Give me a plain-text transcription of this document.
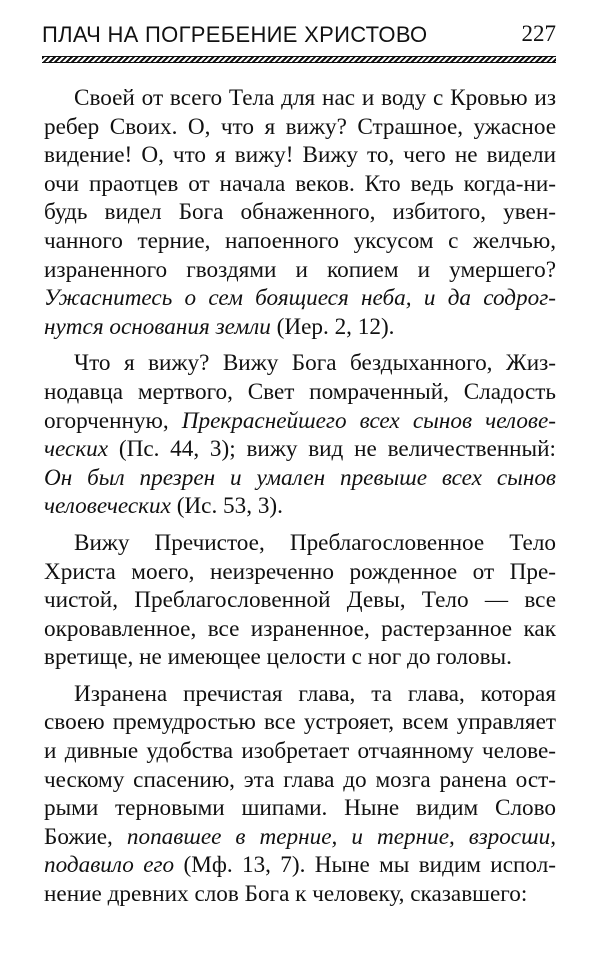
ПЛАЧ НА ПОГРЕБЕНИЕ ХРИСТОВО	227
Своей от всего Тела для нас и воду с Кровью из
ребер Своих. О, что я вижу? Страшное, ужасное
видение! О, что я вижу! Вижу то, чего не видели
очи праотцев от начала веков. Кто ведь когда-ни-
будь видел Бога обнаженного, избитого, увен-
чанного терние, напоенного уксусом с желчью,
израненного гвоздями и копием и умершего?
Ужаснитесь о сем боящиеся неба, и да содрог-
нутся основания земли (Иер. 2, 12).
Что я вижу? Вижу Бога бездыханного, Жиз-
нодавца мертвого, Свет помраченный, Сладость
огорченную, Прекраснейшего всех сынов челове-
ческих (Пс. 44, 3); вижу вид не величественный:
Он был презрен и умален превыше всех сынов
человеческих (Ис. 53, 3).
Вижу Пречистое, Преблагословенное Тело
Христа моего, неизреченно рожденное от Пре-
чистой, Преблагословенной Девы, Тело — все
окровавленное, все израненное, растерзанное как
вретище, не имеющее целости с ног до головы.
Изранена пречистая глава, та глава, которая
своею премудростью все устрояет, всем управляет
и дивные удобства изобретает отчаянному челове-
ческому спасению, эта глава до мозга ранена ост-
рыми терновыми шипами. Ныне видим Слово
Божие, попавшее в терние, и терние, взросши,
подавило его (Мф. 13, 7). Ныне мы видим испол-
нение древних слов Бога к человеку, сказавшего:
